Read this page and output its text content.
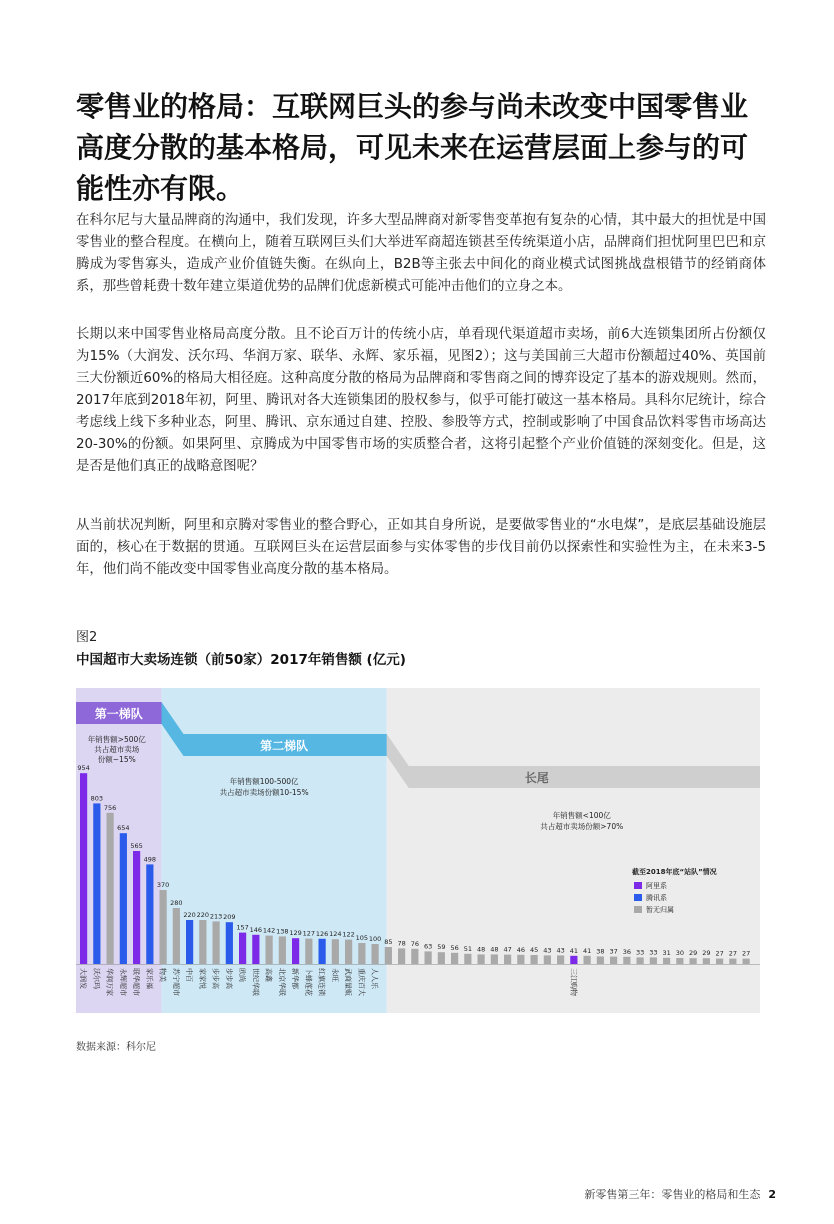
零售业的格局：互联网巨头的参与尚未改变中国零售业高度分散的基本格局，可见未来在运营层面上参与的可能性亦有限。

在科尔尼与大量品牌商的沟通中，我们发现，许多大型品牌商对新零售变革抱有复杂的心情，其中最大的担忧是中国零售业的整合程度。在横向上，随着互联网巨头们大举进军商超连锁甚至传统渠道小店，品牌商们担忧阿里巴巴和京腾成为零售寡头，造成产业价值链失衡。在纵向上，B2B等主张去中间化的商业模式试图挑战盘根错节的经销商体系，那些曾耗费十数年建立渠道优势的品牌们优虑新模式可能冲击他们的立身之本。

长期以来中国零售业格局高度分散。且不论百万计的传统小店，单看现代渠道超市卖场，前6大连锁集团所占份额仅为15%（大润发、沃尔玛、华润万家、联华、永辉、家乐福，见图2）；这与美国前三大超市份额超过40%、英国前三大份额近60%的格局大相径庭。这种高度分散的格局为品牌商和零售商之间的博弈设定了基本的游戏规则。然而，2017年底到2018年初，阿里、腾讯对各大连锁集团的股权参与，似乎可能打破这一基本格局。具科尔尼统计，综合考虑线上线下多种业态，阿里、腾讯、京东通过自建、控股、参股等方式，控制或影响了中国食品饮料零售市场高达20-30%的份额。如果阿里、京腾成为中国零售市场的实质整合者，这将引起整个产业价值链的深刻变化。但是，这是否是他们真正的战略意图呢？

从当前状况判断，阿里和京腾对零售业的整合野心，正如其自身所说，是要做零售业的“水电煤”，是底层基础设施层面的，核心在于数据的贯通。互联网巨头在运营层面参与实体零售的步伐目前仍以探索性和实验性为主，在未来3-5年，他们尚不能改变中国零售业高度分散的基本格局。

图2
中国超市大卖场连锁（前50家）2017年销售额 (亿元)
第一梯队
第二梯队
长尾
年销售额>500亿
共占超市卖场
份额~15%
年销售额100-500亿
共占超市卖场份额10-15%
年销售额<100亿
共占超市卖场份额>70%
截至2018年底“站队”情况
阿里系
腾讯系
暂无归属
954
大润发
803
沃尔玛
756
华润万家
654
永辉超市
565
联华超市
498
家乐福
370
物美
280
苏宁超市
220
中百
220
家家悦
213
步步高
209
步步高
157
欧尚
146
世纪华联
142
高鑫
138
北京华联
129
新华都
127
卜蜂莲花
126
红旗连锁
124
永旺
122
武商量贩
105
重庆百大
100
人人乐
85 78 76 63 59 56 51 48 48 47 46 45 43 43 41
三江购物
41 38 37 36 33 33 31 30 29 29 27 27 27
数据来源：科尔尼
新零售第三年：零售业的格局和生态 2
